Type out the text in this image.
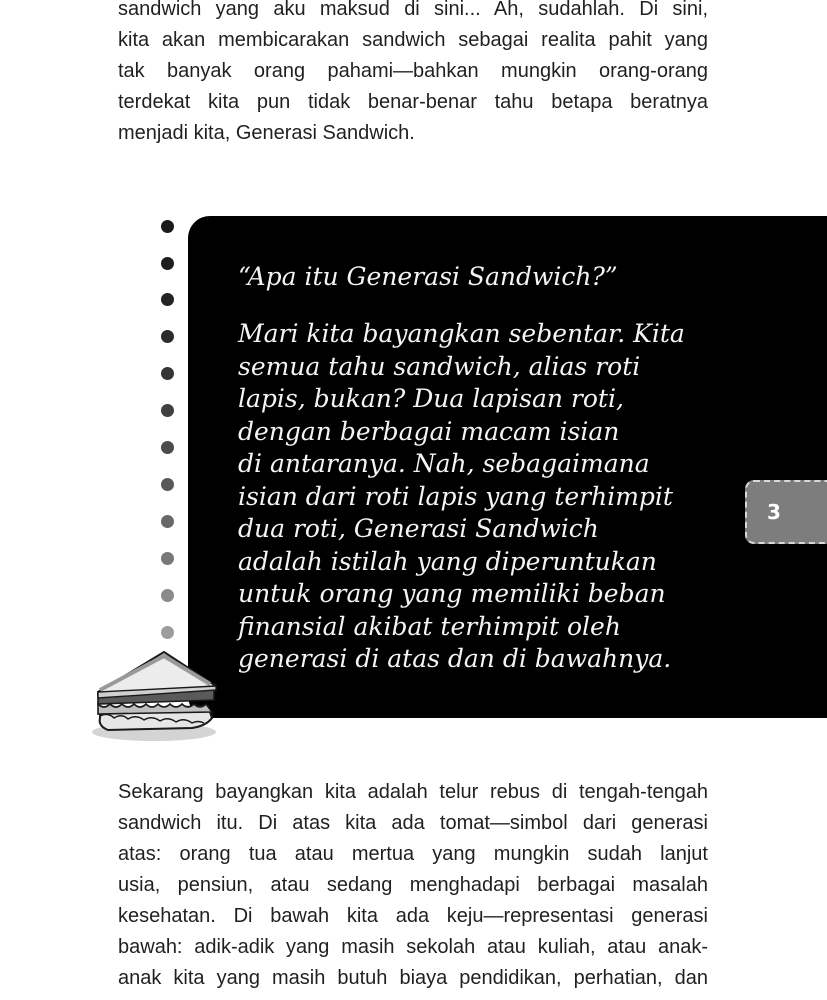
sandwich yang aku maksud di sini... Ah, sudahlah. Di sini,
kita akan membicarakan sandwich sebagai realita pahit yang
tak banyak orang pahami—bahkan mungkin orang-orang
terdekat kita pun tidak benar-benar tahu betapa beratnya
menjadi kita, Generasi Sandwich.

“Apa itu Generasi Sandwich?”

Mari kita bayangkan sebentar. Kita
semua tahu sandwich, alias roti
lapis, bukan? Dua lapisan roti,
dengan berbagai macam isian
di antaranya. Nah, sebagaimana
isian dari roti lapis yang terhimpit
dua roti, Generasi Sandwich
adalah istilah yang diperuntukan
untuk orang yang memiliki beban
finansial akibat terhimpit oleh
generasi di atas dan di bawahnya.

3

Sekarang bayangkan kita adalah telur rebus di tengah-tengah
sandwich itu. Di atas kita ada tomat—simbol dari generasi
atas: orang tua atau mertua yang mungkin sudah lanjut
usia, pensiun, atau sedang menghadapi berbagai masalah
kesehatan. Di bawah kita ada keju—representasi generasi
bawah: adik-adik yang masih sekolah atau kuliah, atau anak-
anak kita yang masih butuh biaya pendidikan, perhatian, dan
